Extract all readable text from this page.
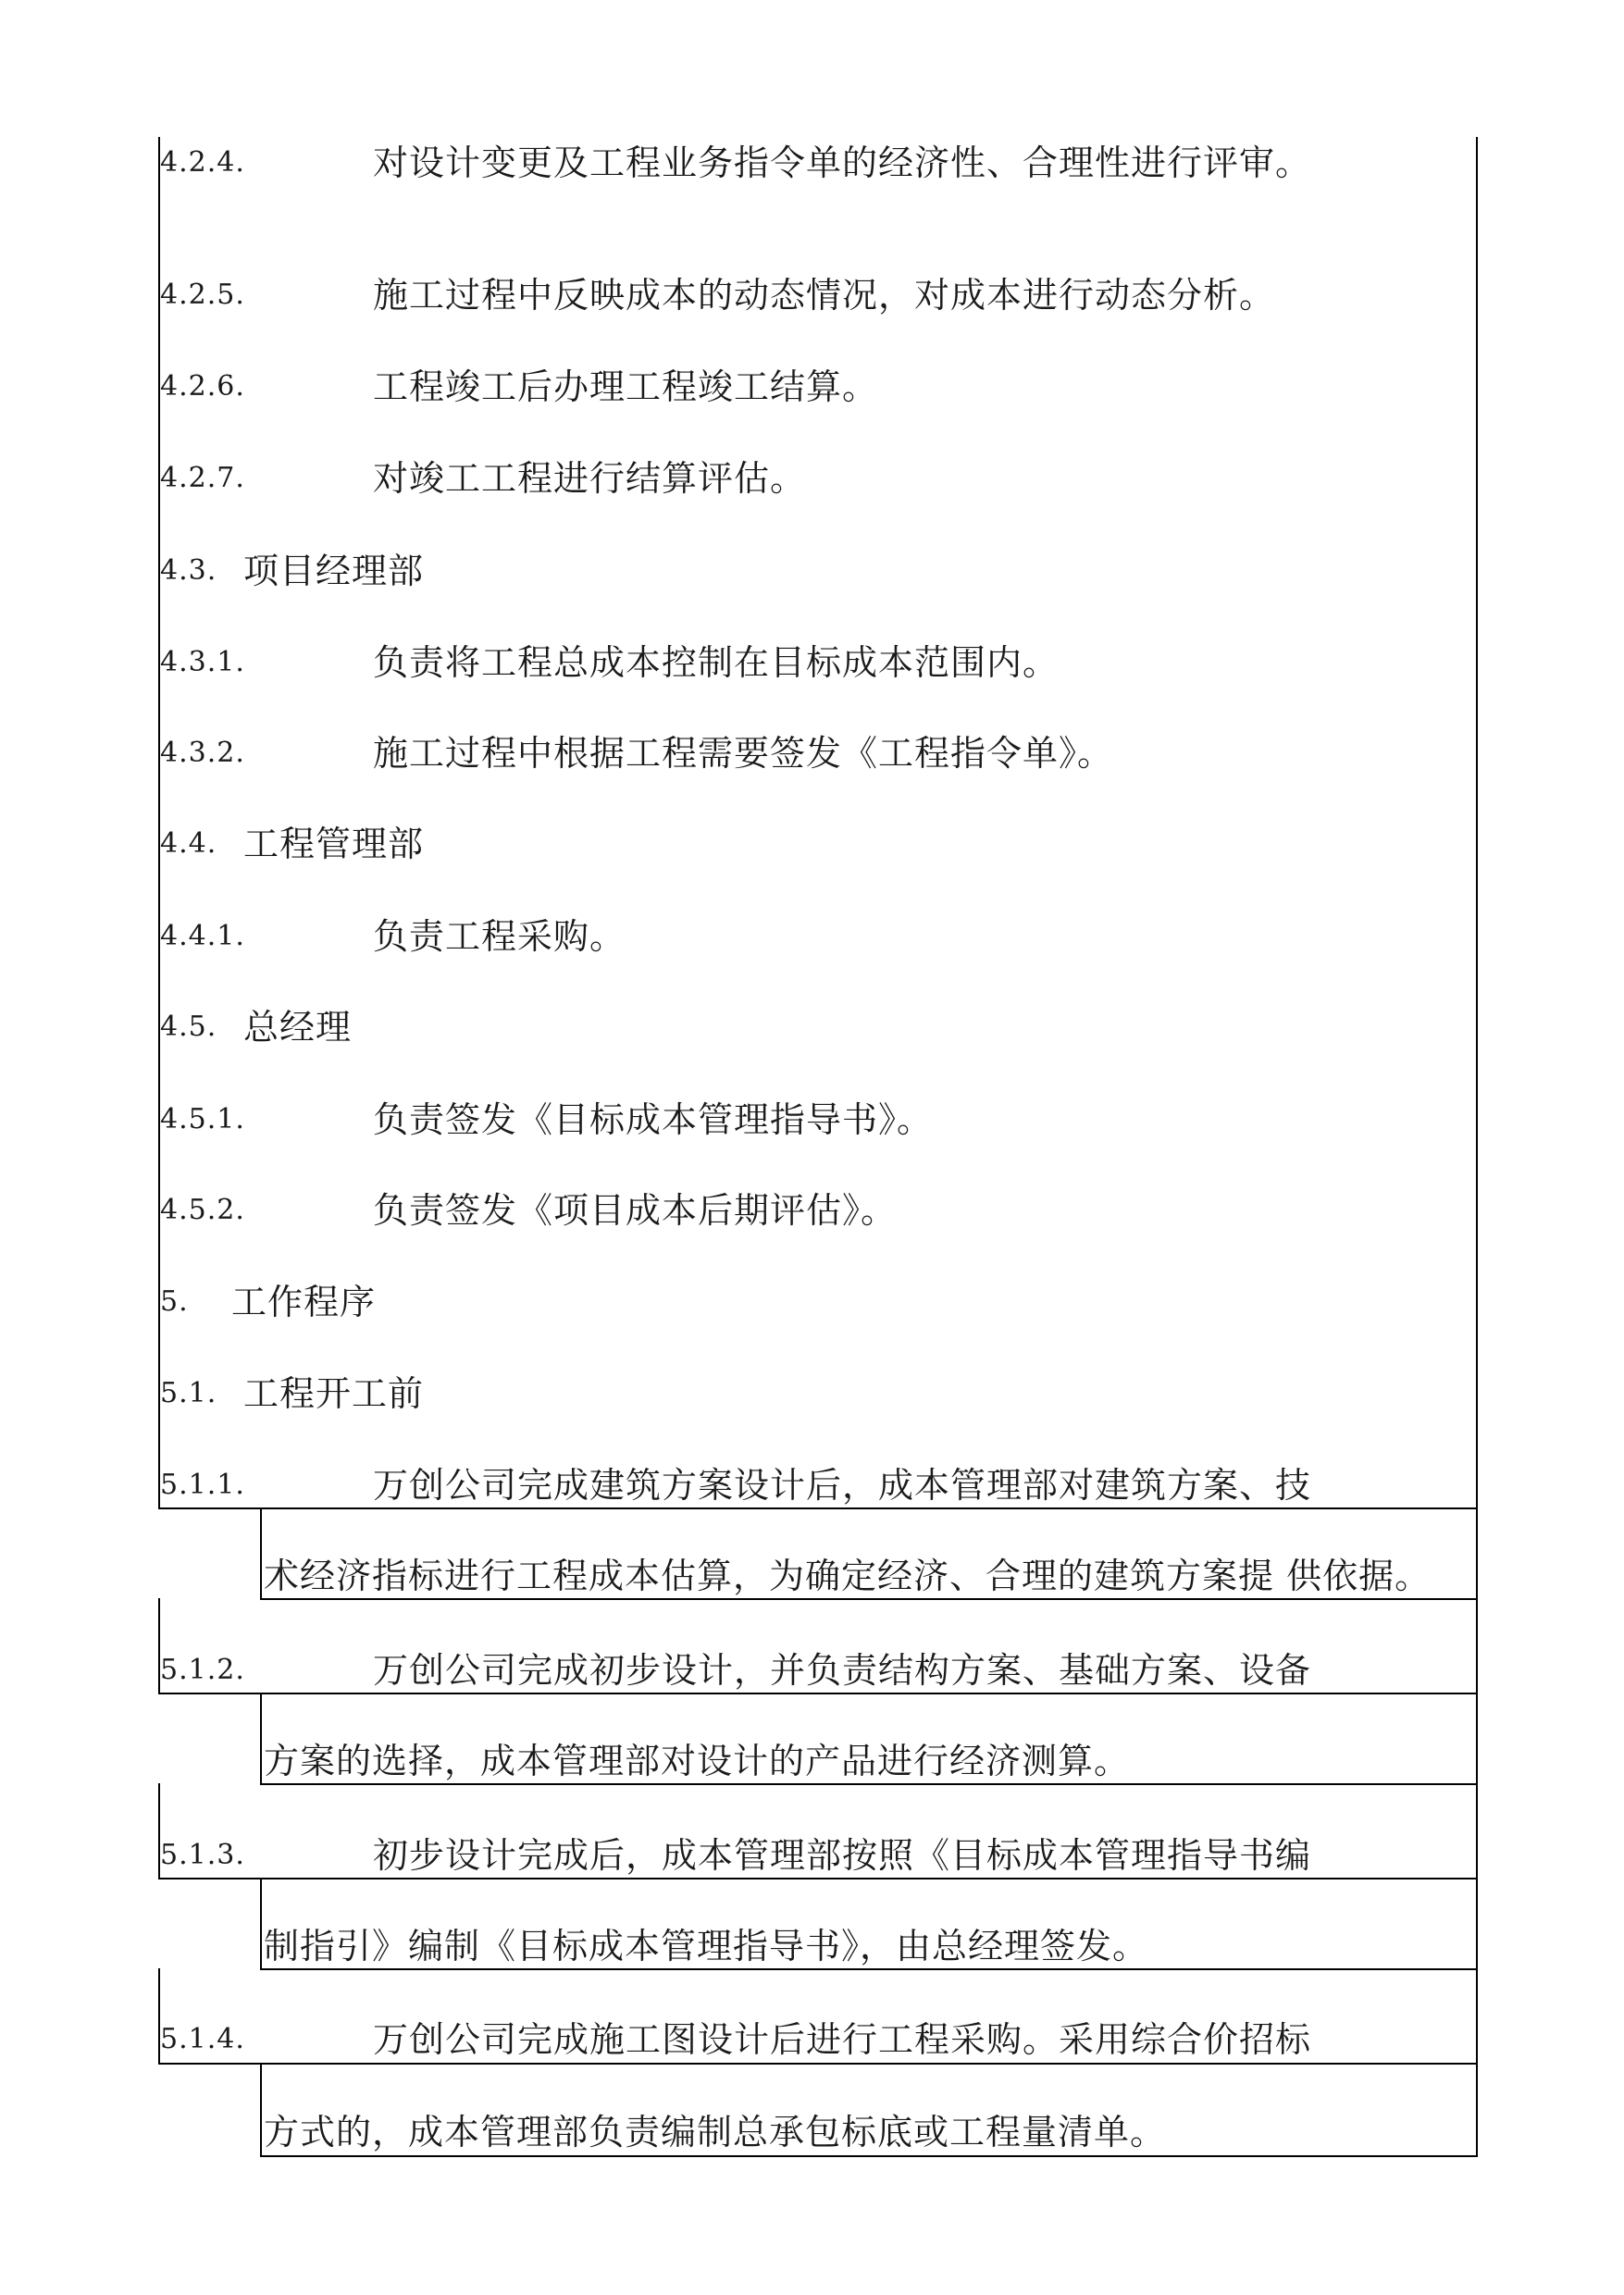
4.2.4.	对设计变更及工程业务指令单的经济性、合理性进行评审。
4.2.5.	施工过程中反映成本的动态情况，对成本进行动态分析。
4.2.6.	工程竣工后办理工程竣工结算。
4.2.7.	对竣工工程进行结算评估。
4.3. 项目经理部
4.3.1.	负责将工程总成本控制在目标成本范围内。
4.3.2.	施工过程中根据工程需要签发《工程指令单》。
4.4. 工程管理部
4.4.1.	负责工程采购。
4.5. 总经理
4.5.1.	负责签发《目标成本管理指导书》。
4.5.2.	负责签发《项目成本后期评估》。
5. 工作程序
5.1. 工程开工前
5.1.1.	万创公司完成建筑方案设计后，成本管理部对建筑方案、技
术经济指标进行工程成本估算，为确定经济、合理的建筑方案提 供依据。
5.1.2.	万创公司完成初步设计，并负责结构方案、基础方案、设备
方案的选择，成本管理部对设计的产品进行经济测算。
5.1.3.	初步设计完成后，成本管理部按照《目标成本管理指导书编
制指引》编制《目标成本管理指导书》，由总经理签发。
5.1.4.	万创公司完成施工图设计后进行工程采购。采用综合价招标
方式的，成本管理部负责编制总承包标底或工程量清单。
